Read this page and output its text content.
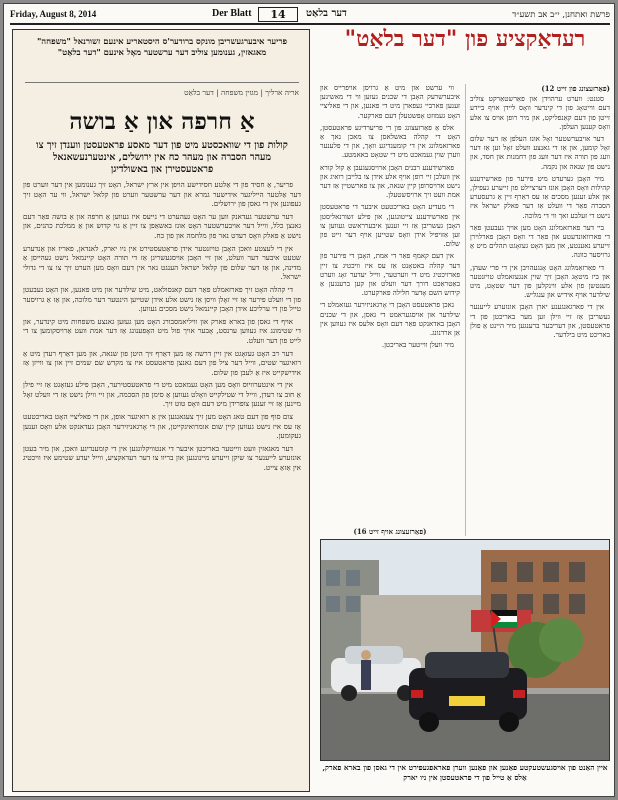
Friday, August 8, 2014	Der Blatt	14	דער בלאַט	פרשת ואתחנן, י״ב אב תשע״ד
פריער איבערגעשריבן מונקס ברודער'ס היסטאריע אינעם זשורנאל "משפחה" מאגאזין, גענומען צוליב דער ערשטער מאָל אינעם "דער בלאַט"
אריה ארליך | מגזין משפחה | דער בלאַט
אַ חרפה און אַ בושה
קולות פון די שוואכסטע מיט פון דער מאסע פראטעסטן ווענדן זיך צו מעהר הסברה און מעהר כח אין ירושלים, אינטערנעשאנאל פראטעסטירן און באשולדיגן

פריער, אַ חסיד פון די אַלטע חסידישע הויפן אין ארץ ישראל, האָט זיך גענומען אין דער ווערט פון דער אַלטער הייליגער אידישער גמרא און דער ערשטער ווערט פון קלאל ישראל, ווי ער האָט זיך געפונען אין די גאסן פון ירושלים.

דער ערשטער געדאנק ווען ער האָט געהערט די נייעס איז געווען אַ חרפה און אַ בושה פאַר דעם גאנצן כלל, ווייל דער אויבערשטער האָט אונז באשאַפן צו זיין אַ גוי קדוש און אַ ממלכת כהנים, און נישט אַ פאלק וואָס רעדט נאר פון מלחמה און פון כח.

אין די לעצטע וואכן האָבן טויזנטער אידן פראַטעסטירט אין ניו יארק, לאנדאן, פאריז און אַנדערע שטעט איבער דער וועלט, און זיי האָבן אויסגעשריגן אַז די תורה האָט קיינמאל נישט געהייסן אַ מדינה, און אַז דער שלום פון קלאל ישראל הענגט נאר אין דעם וואָס מען הערט זיך צו צו די גדולי ישראל.

די קהלה האָט זיך פארזאמלט פאַר דעם קאנסולאט, מיט שילדער און מיט פאנען, און האָט געבעטן פון די וועלט פירער אַז זיי זאָלן וויסן אַז נישט אלע אידן שטייען הינטער דער מלוכה, און אַז אַ גרויסער טייל פון די ערליכע אידן האָבן קיינמאל נישט מסכים געווען.

אויף די גאסן פון בארא פארק און וויליאמסבורג האָט מען געזען גאנצע משפחות מיט קינדער, און די שטימונג איז געווען ערנסט, אָבער אויך פול מיט האָפענונג אַז דער אמת וועט אַרויסקומען צו די לייט פון דער וועלט.

דער רב האָט געזאָגט אין זיין דרשה אַז מען דאַרף זיך היטן פון שנאה, און מען דאַרף רעדן מיט אַ רואיגער שטים, ווייל דער ציל פון דעם גאנצן פראטעסט איז צו מקדש שם שמים זיין און צו ווייזן אַז אידישקייט איז אַ לעבן פון שלום.

אין די אינטערוויוס וואָס מען האָט געמאכט מיט די פראטעסטירער, האָבן פילע געזאָגט אַז זיי פילן אַ חוב צו רעדן, ווייל די שטילקייט וואָלט געווען אַ סימן פון הסכמה, און זיי ווילן נישט אַז די וועלט זאָל מיינען אַז זיי זענען צופרידן מיט דעם וואָס טוט זיך.

צום סוף פון דעם טאג האָט מען זיך צעגאנגען אין אַ רואיגער אופן, און די פאליציי האָט באריכטעט אַז עס איז נישט געווען קיין שום אומרואיגקייטן, און די אָרגאניזירער האָבן געדאנקט אלע וואָס זענען געקומען.

דער מאגאזין וועט ווייטער באריכטן איבער די אנטוויקלונגען אין די קומענדיגע וואכן, און מיר בעטן אונזערע לייענער צו שיקן זייערע מיינונגען און בריוו צו דער רעדאקציע, ווייל יעדע שטימע איז וויכטיג אין אַזאַ צייט.

רעדאַקציע פון "דער בלאַט"

(פאַרזעצונג פון זייט 12)

סטנט: ווערט ערהוידן און פאַרשטאַרקט צוליב דעם ווייטאָג פון די קינדער וואָס ליידן אויף ביידע זייטן פון דעם קאַנפליקט, און מיר רופן אויס צו אלע וואָס קענען העלפן.

דער אויבערשטער זאָל אונז העלפן אַז דער שלום זאָל קומען, און אַז די גאנצע וועלט זאָל זען אַז דער וועג פון תורה איז דער וועג פון רחמנות און חסד, און נישט פון שנאה און נקמה.

מיר האָבן גערעדט מיט פירער פון פארשידענע קהילות וואָס האָבן אונז דערציילט פון זייערע געפילן, און אלע זענען מסכים אַז עס דאַרף זיין אַ גרעסערע הסברה פאַר די וועלט אַז דער פאלק ישראל איז נישט די זעלבע זאך ווי די מלוכה.

ביי דער פארזאמלונג האָט מען אויך געבעטן פאַר די פארוואונדעטע און פאַר די וואָס האָבן פארלוירן זייערע נאענטע, און מען האָט געזאָגט תהלים מיט אַ גרויסער כוונה.

די פאַרזאַמלונג האָט אָנגעהויבן אין די פרי שעהן, און ביז מיטאָג האָבן זיך שוין אנגעזאמלט טויזנטער מענטשן פון אלע ווינקלען פון דער שטאָט, מיט שילדער אויף אידיש און ענגליש.

אין די פארגאנגענע יארן האָבן אונזערע לייענער געשריבן אַז זיי ווילן זען מער באריכטן פון די פראטעסטן, און דעריבער ברענגען מיר היינט אַ פולן באריכט מיט בילדער.

ווי ערשט און מיט אַ גרויסן אויפרייס און איבערשרעק האָבן די שכנים געזען ווי די מאשינען זענען פארביי געפארן מיט די פאנען, און די פאליציי האָט געמוזט אָפשטעלן דעם פארקער.

אלס אַ פאַרזעצונג פון די פריערדיגע פראטעסטן, האָט די קהלה באשלאסן צו מאכן נאך אַ פארזאמלונג אין די קומענדיגע וואָך, און די פלענער ווערן שוין געמאכט מיט די שטאָט באאמטע.

פארשידענע רבנים האָבן ארויסגעגעבן אַ קול קורא אין וועלכן זיי רופן אויף אלע אידן צו בלייבן רואיג און נישט ארויסרופן קיין שנאה, און צו פארשטיין אַז דער אמת וועט זיך ארויסשטעלן.

די מעדיע האָט באריכטעט איבער די פראטעסטן אין פארשידענע צייטונגען, און פילע זשורנאליסטן האָבן געשריבן אַז זיי זענען איבערראשט געווען צו זען אַזויפיל אידן וואָס שטייען אויף דער זייט פון שלום.

אין דעם קאמף פאַר די אמת, האָבן די פירער פון דער קהלה באטאָנט אַז עס איז וויכטיג צו זיין פארזיכטיג מיט די ווערטער, ווייל יעדער זאָג ווערט באַטראַכט דורך דער וועלט און קען ברענגען אַ קידוש השם אָדער חלילה פארקערט.

נאכן פראטעסט האָבן די אָרגאניזירער געזאמלט די שילדער און אויסגעראמט די גאסן, און די שכנים האָבן באדאנקט פאַר דעם וואָס אלעס איז געווען אין אַן ארדנונג.

מיר וועלן ווייטער באריכטן.

(פאַרזעצונג אויף זייט 16)
איין האַנט פון אויסגעשטעקטע פאַנען און פאַנען ווערן פאראפגעפירט אין די גאסן פון בארא פארק, אַלס אַ טייל פון די פראטעסטן אין ניו יארק
